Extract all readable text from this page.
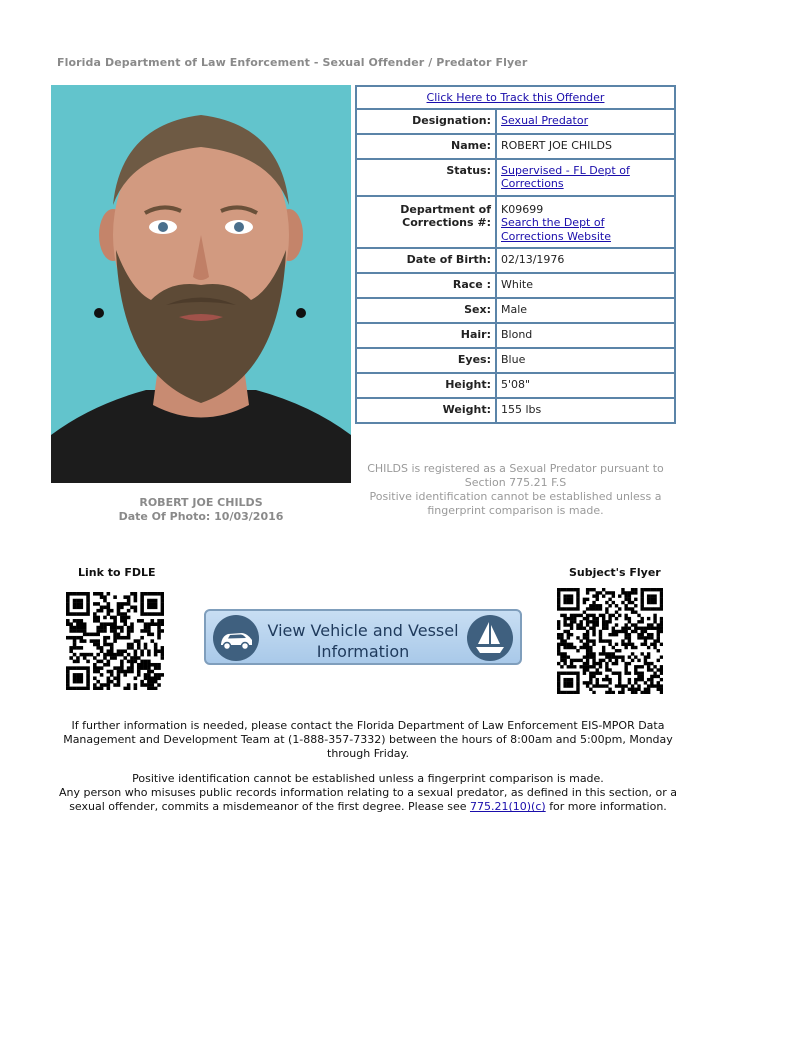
Florida Department of Law Enforcement - Sexual Offender / Predator Flyer
ROBERT JOE CHILDS
Date Of Photo: 10/03/2016
Click Here to Track this Offender	
Designation:	Sexual Predator
Name:	ROBERT JOE CHILDS
Status:	Supervised - FL Dept of Corrections
Department of Corrections #:	K09699
Search the Dept of Corrections Website
Date of Birth:	02/13/1976
Race :	White
Sex:	Male
Hair:	Blond
Eyes:	Blue
Height:	5'08"
Weight:	155 lbs
CHILDS is registered as a Sexual Predator pursuant to Section 775.21 F.S
Positive identification cannot be established unless a fingerprint comparison is made.
Link to FDLE	Subject's Flyer
View Vehicle and Vessel Information
If further information is needed, please contact the Florida Department of Law Enforcement EIS-MPOR Data Management and Development Team at (1-888-357-7332) between the hours of 8:00am and 5:00pm, Monday through Friday.
Positive identification cannot be established unless a fingerprint comparison is made.
Any person who misuses public records information relating to a sexual predator, as defined in this section, or a sexual offender, commits a misdemeanor of the first degree. Please see 775.21(10)(c) for more information.
